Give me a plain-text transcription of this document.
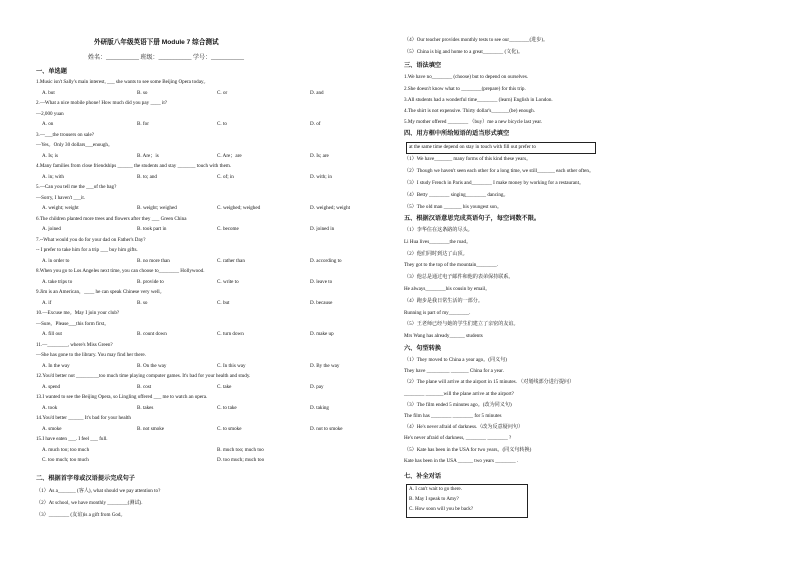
外研版八年级英语下册 Module 7 综合测试
姓名：___________ 班级：___________ 学号：___________
一、单选题
1.Music isn't Sally's main interest, ___ she wants to see some Beijing Opera today。
A. but	B. so	C. or	D. and
2.—What a nice mobile phone! How much did you pay ____ it?
—2,000 yuan
A. on	B. for	C. to	D. of
3.—___the trousers on sale?
—Yes。Only 30 dollars___enough。
A. Is; is	B. Are；is	C. Are；are	D. Is; are
4.Many families from close friendships ______ the students and stay _______ touch with them.
A. in; with	B. to; and	C. of; in	D. with; in
5.—Can you tell me the ___of the bag?
—Sorry, I haven't ___it.
A. weight; weight	B. weight; weighed	C. weighed; weighed	D. weighed; weight
6.The children planted more trees and flowers after they ___ Green China
A. joined	B. took part in	C. become	D. joined in
7.--What would you do for your dad on Father's Day?
-- I prefer to take him for a trip ___ buy him gifts.
A. in order to	B. no more than	C. rather than	D. according to
8.When you go to Los Angeles next time, you can choose to________ Hollywood.
A. take trips to	B. provide to	C. write to	D. leave to
9.Jim is an American，____ he can speak Chinese very well。
A. if	B. so	C. but	D. because
10.—Excuse me。May I join your club?
—Sure。Please___this form first。
A. fill out	B. count down	C. turn down	D. make up
11.—________, where's Miss Green?
—She has gone to the library. You may find her there.
A. In the way	B. On the way	C. In this way	D. By the way
12.You'd better not _________too much time playing computer games. It's bad for your health and study.
A. spend	B. cost	C. take	D. pay
13.I wanted to see the Beijing Opera, so Lingling offered ___ me to watch an opera.
A. took	B. takes	C. to take	D. taking
14.You'd better ______ It's bad for your health
A. smoke	B. not smoke	C. to smoke	D. not to smoke
15.I have eaten ___. I feel ___ full.
A. much too; too much	B. much too; much too
C. too much; too much	D. too much; much too
二、根据首字母或汉语提示完成句子
（1）As a_______ (客人), what should we pay attention to?
（2）At school, we have monthly ________(测试).
（3）________ (友谊)is a gift from God。
（4）Our teacher provides monthly tests to see our________(进步)。
（5）China is big and home to a great________ (文化)。
三、语法填空
1.We have no________ (choose) but to depend on ourselves.
2.She doesn't know what to ________(prepare) for this trip.
3.All students had a wonderful time________ (learn) English in London.
4.The shirt is not expensive. Thirty dollar's_______(be) enough.
5.My mother offered ________ （buy）me a new bicycle last year.
四、用方框中所给短语的适当形式填空
at the same time depend on stay in touch with fill out prefer to
（1）We have_______ many forms of this kind these years。
（2）Though we haven't seen each other for a long time, we still_______ each other often。
（3）I study French in Paris and________ I make money by working for a restaurant。
（4）Betty ________ singing________ dancing。
（5）The old man _______ his youngest son。
五、根据汉语意思完成英语句子，每空词数不限。
（1）李华住在这条路的尽头。
Li Hua lives________the road。
（2）他们同时到达了山顶。
They got to the top of the mountain________.
（3）他总是通过电子邮件和他的表弟保持联系。
He always________his cousin by email。
（4）跑步是我日常生活的一部分。
Running is part of my________.
（5）王老师已经与她的学生们建立了亲密的友谊。
Mrs Wang has already______ students
六、句型转换
（1）They moved to China a year ago。(同义句)
They have _________ _______ China for a year.
（2）The plane will arrive at the airport in 15 minutes. （对划线部分进行提问）
________ _______will the plane arrive at the airport?
（3）The film ended 5 minutes ago。(改为同义句)
The film has ________ ________ for 5 minutes
（4）He's never afraid of darkness.（改为反意疑问句）
He's never afraid of darkness, ________ ________ ?
（5）Kate has been in the USA for two years。(同义句转换)
Kate has been in the USA ______ two years ________ .
七、补全对话
A. I can't wait to go there.
B. May I speak to Amy?
C. How soon will you be back?
